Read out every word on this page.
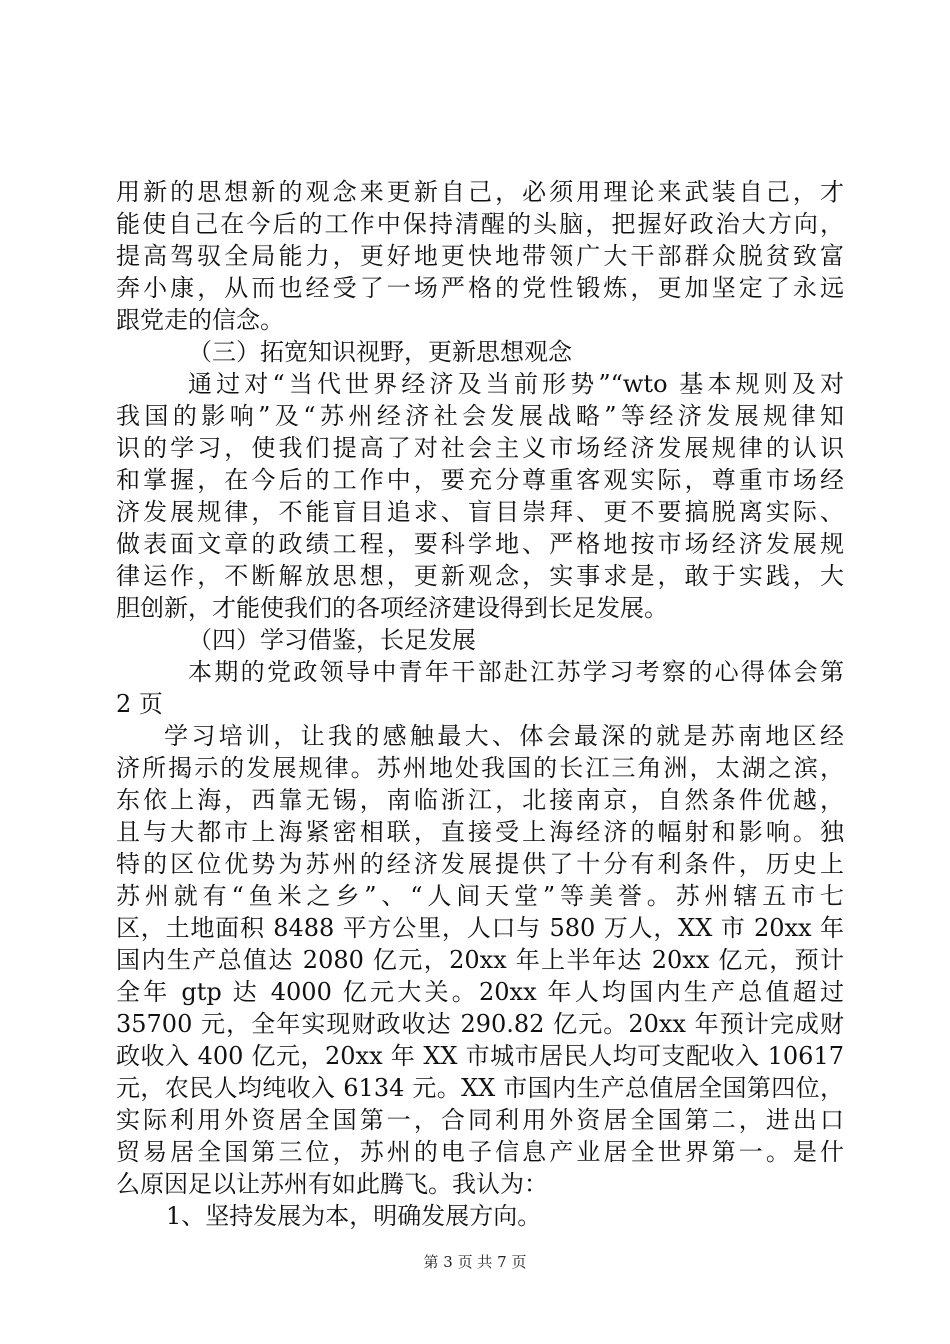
用新的思想新的观念来更新自己，必须用理论来武装自己，才
能使自己在今后的工作中保持清醒的头脑，把握好政治大方向，
提高驾驭全局能力，更好地更快地带领广大干部群众脱贫致富
奔小康，从而也经受了一场严格的党性锻炼，更加坚定了永远
跟党走的信念。
（三）拓宽知识视野，更新思想观念
通过对“当代世界经济及当前形势”“wto 基本规则及对
我国的影响”及“苏州经济社会发展战略”等经济发展规律知
识的学习，使我们提高了对社会主义市场经济发展规律的认识
和掌握，在今后的工作中，要充分尊重客观实际，尊重市场经
济发展规律，不能盲目追求、盲目崇拜、更不要搞脱离实际、
做表面文章的政绩工程，要科学地、严格地按市场经济发展规
律运作，不断解放思想，更新观念，实事求是，敢于实践，大
胆创新，才能使我们的各项经济建设得到长足发展。
（四）学习借鉴，长足发展
本期的党政领导中青年干部赴江苏学习考察的心得体会第
2 页
学习培训，让我的感触最大、体会最深的就是苏南地区经
济所揭示的发展规律。苏州地处我国的长江三角洲，太湖之滨，
东依上海，西靠无锡，南临浙江，北接南京，自然条件优越，
且与大都市上海紧密相联，直接受上海经济的幅射和影响。独
特的区位优势为苏州的经济发展提供了十分有利条件，历史上
苏州就有“鱼米之乡”、“人间天堂”等美誉。苏州辖五市七
区，土地面积 8488 平方公里，人口与 580 万人，XX 市 20xx 年
国内生产总值达 2080 亿元，20xx 年上半年达 20xx 亿元，预计
全年 gtp 达 4000 亿元大关。20xx 年人均国内生产总值超过
35700 元，全年实现财政收达 290.82 亿元。20xx 年预计完成财
政收入 400 亿元，20xx 年 XX 市城市居民人均可支配收入 10617
元，农民人均纯收入 6134 元。XX 市国内生产总值居全国第四位，
实际利用外资居全国第一，合同利用外资居全国第二，进出口
贸易居全国第三位，苏州的电子信息产业居全世界第一。是什
么原因足以让苏州有如此腾飞。我认为：
1、坚持发展为本，明确发展方向。
第 3 页 共 7 页
